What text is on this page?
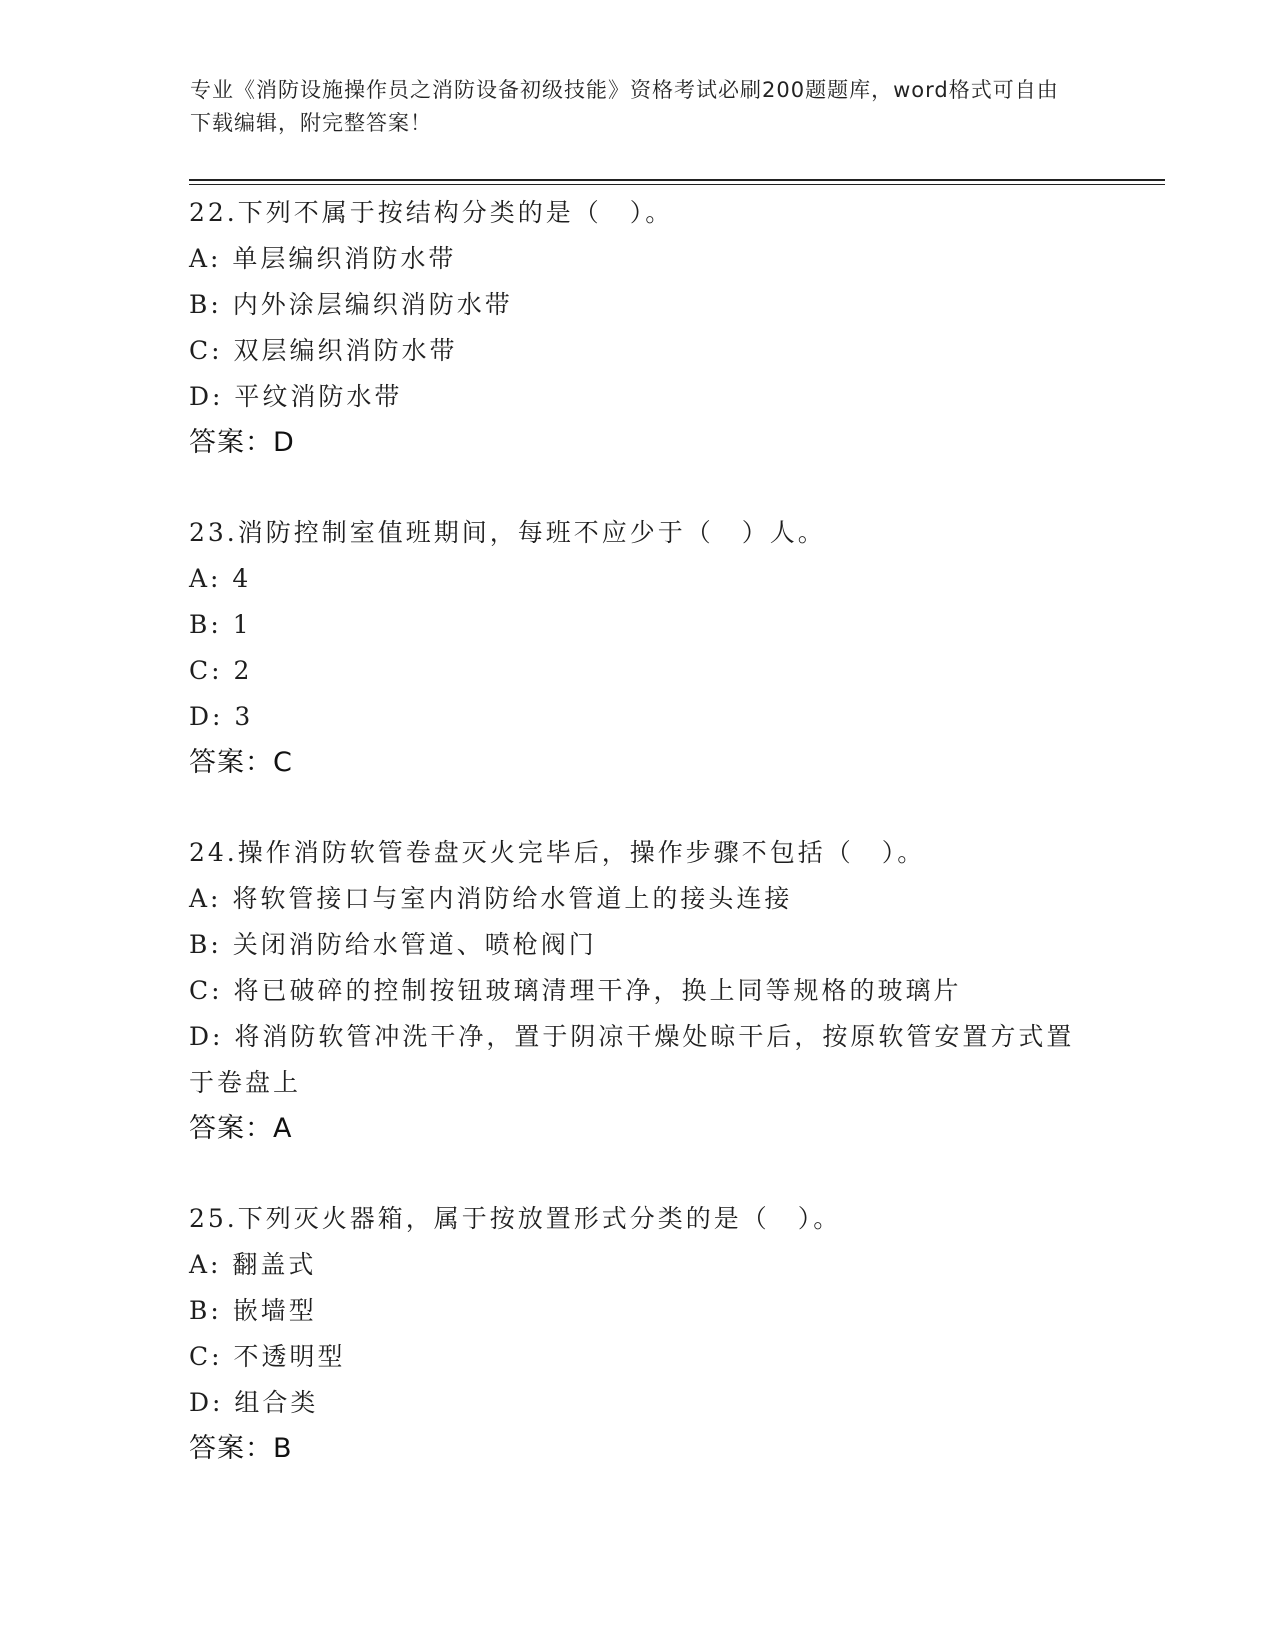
专业《消防设施操作员之消防设备初级技能》资格考试必刷200题题库，word格式可自由下载编辑，附完整答案！
22.下列不属于按结构分类的是（　）。
A: 单层编织消防水带
B: 内外涂层编织消防水带
C: 双层编织消防水带
D: 平纹消防水带
答案：D
23.消防控制室值班期间，每班不应少于（　）人。
A: 4
B: 1
C: 2
D: 3
答案：C
24.操作消防软管卷盘灭火完毕后，操作步骤不包括（　）。
A: 将软管接口与室内消防给水管道上的接头连接
B: 关闭消防给水管道、喷枪阀门
C: 将已破碎的控制按钮玻璃清理干净，换上同等规格的玻璃片
D: 将消防软管冲洗干净，置于阴凉干燥处晾干后，按原软管安置方式置于卷盘上
答案：A
25.下列灭火器箱，属于按放置形式分类的是（　）。
A: 翻盖式
B: 嵌墙型
C: 不透明型
D: 组合类
答案：B
